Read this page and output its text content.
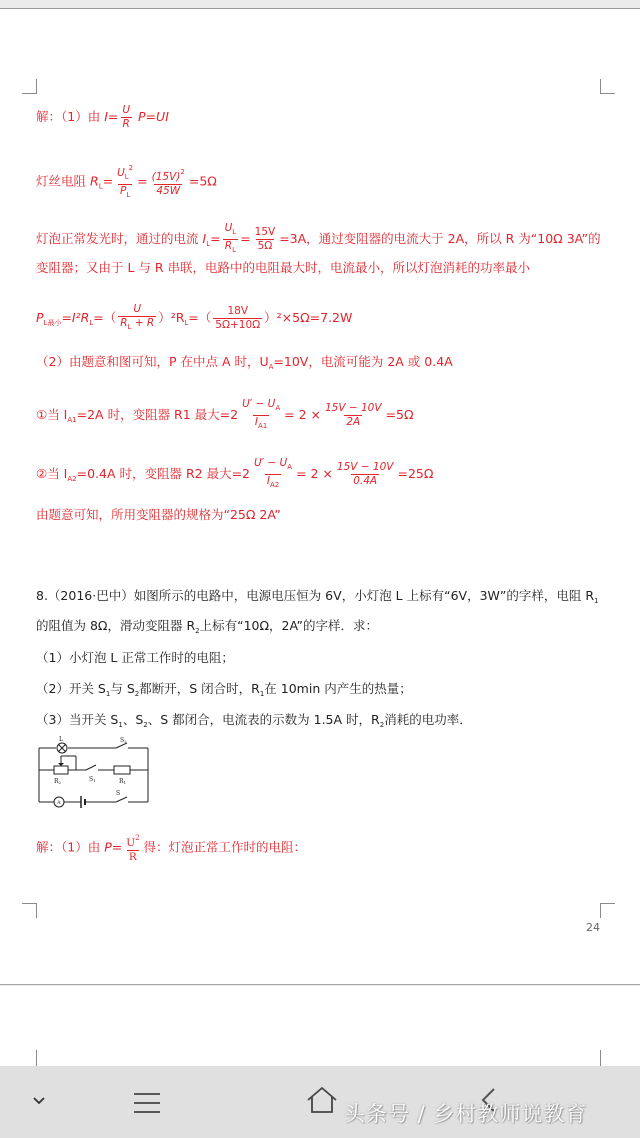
解：（1）由 $I= \frac{U}{R} P=UI$
灯丝电阻 $R_L= \frac{U_L^2}{P_L} = \frac{(15V)^2}{45W} =5\Omega$
灯泡正常发光时，通过的电流 $I_L= \frac{U_L}{R_L} = \frac{15V}{5\Omega} =3A$，通过变阻器的电流大于 2A，所以 R 为“10Ω 3A”的
变阻器；又由于 L 与 R 串联，电路中的电阻最大时，电流最小，所以灯泡消耗的功率最小
$P_{L最小}=I^2R_L=( \frac{U}{R_L + R} )^2R_L=( \frac{18V}{5\Omega+10\Omega} )^2\times 5\Omega=7.2W$
（2）由题意和图可知，P 在中点 A 时，$U_A=10V$，电流可能为 2A 或 0.4A
①当 $I_{A1}=2A$ 时，变阻器 R1 最大$=2 \frac{U' - U_A}{I_{A1}} = 2 \times \frac{15V - 10V}{2A} =5\Omega$
②当 $I_{A2}=0.4A$ 时，变阻器 R2 最大$=2 \frac{U' - U_A}{I_{A2}} = 2 \times \frac{15V - 10V}{0.4A} =25\Omega$
由题意可知，所用变阻器的规格为“25Ω 2A”
8.（2016·巴中）如图所示的电路中，电源电压恒为 6V，小灯泡 L 上标有“6V，3W”的字样，电阻 $R_1$
的阻值为 8Ω，滑动变阻器 $R_2$上标有“10Ω，2A”的字样．求：
（1）小灯泡 L 正常工作时的电阻；
（2）开关 $S_1$与 $S_2$都断开，S 闭合时，$R_1$在 10min 内产生的热量；
（3）当开关 $S_1$、$S_2$、S 都闭合，电流表的示数为 1.5A 时，$R_2$消耗的电功率．
L	S2
S1
R2	R1
A
S
解：（1）由 $P= \frac{U^2}{R}$ 得：灯泡正常工作时的电阻：
24
头条号 / 乡村教师说教育
